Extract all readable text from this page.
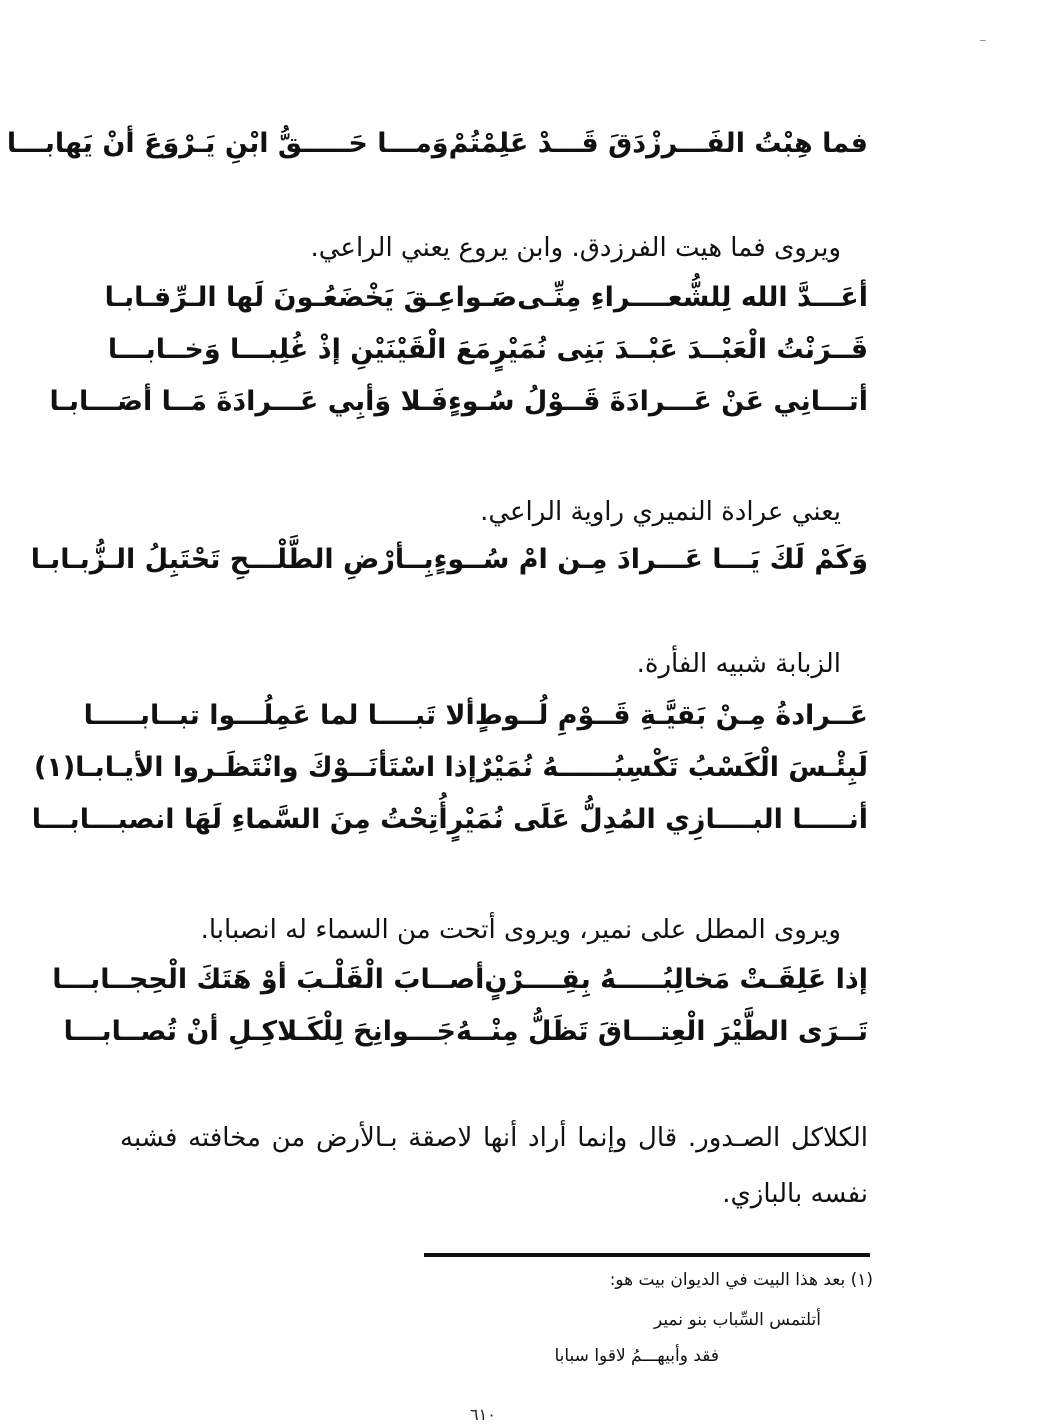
فما هِبْتُ الفَـــرزْدَقَ قَـــدْ عَلِمْتُمْ
وَمـــا حَـــــقُّ ابْنِ يَـرْوَعَ أنْ يَهابـــا
ويروى فما هيت الفرزدق. وابن يروع يعني الراعي.
أعَـــدَّ الله لِلشُّعــــراءِ مِنِّـى
صَـواعِـقَ يَخْضَعُـونَ لَها الـرِّقـابـا
قَــرَنْتُ الْعَبْــدَ عَبْــدَ بَنِى نُمَيْرٍ
مَعَ الْقَيْنَيْنِ إذْ غُلِبـــا وَخــابـــا
أتـــانِي عَنْ عَـــرادَةَ قَــوْلُ سُـوءٍ
فَـلا وَأبِي عَـــرادَةَ مَــا أصَـــابـا
يعني عرادة النميري راوية الراعي.
وَكَمْ لَكَ يَـــا عَـــرادَ مِـن امْ سُــوءٍ
بِــأرْضِ الطَّلْـــحِ تَحْتَبِلُ الـزُّبـابـا
الزبابة شبيه الفأرة.
عَــرادةُ مِـنْ بَقيَّـةِ قَــوْمِ لُــوطٍ
ألا تَبــــا لما عَمِلُـــوا تبــابـــــا
لَبِئْـسَ الْكَسْبُ تَكْسِبُــــــهُ نُمَيْرٌ
إذا اسْتَأنَــوْكَ وانْتَظَـروا الأيـابـا(١)
أنـــــا البــــازِي المُدِلُّ عَلَى نُمَيْرٍ
أُتِحْتُ مِنَ السَّماءِ لَهَا انصبـــابـــا
ويروى المطل على نمير، ويروى أتحت من السماء له انصبابا.
إذا عَلِقَـتْ مَخالِبُـــــهُ بِقِــــرْنٍ
أصــابَ الْقَلْـبَ أوْ هَتَكَ الْحِجــابـــا
تَــرَى الطَّيْرَ الْعِتـــاقَ تَظَلُّ مِنْــهُ
جَـــوانِحَ لِلْكَـلاكِـلِ أنْ تُصــابـــا
الكلاكل الصـدور. قال وإنما أراد أنها لاصقة بـالأرض من مخافته فشبه نفسه بالبازي.
(١) بعد هذا البيت في الديوان بيت هو:
أتلتمس السِّباب بنو نمير
فقد وأبيهـــمُ لاقوا سبابا
٦١٠
